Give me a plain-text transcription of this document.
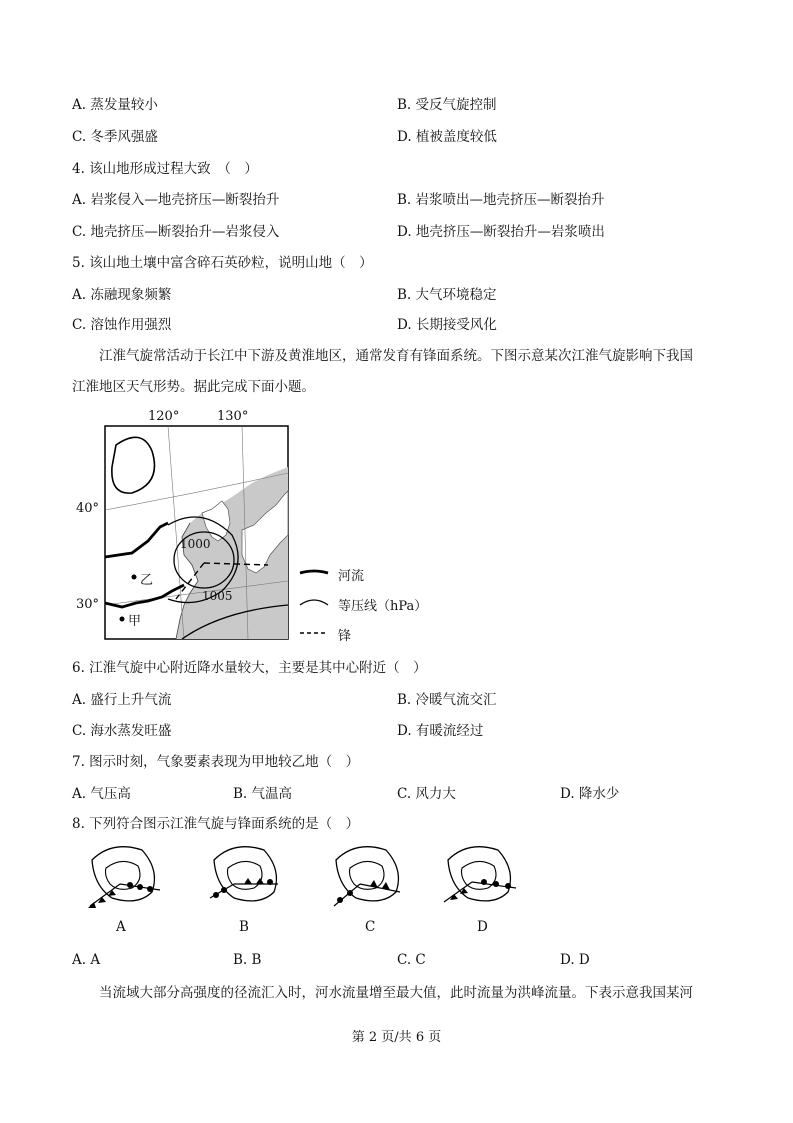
A. 蒸发量较小	B. 受反气旋控制
C. 冬季风强盛	D. 植被盖度较低
4. 该山地形成过程大致　（　）
A. 岩浆侵入—地壳挤压—断裂抬升	B. 岩浆喷出—地壳挤压—断裂抬升
C. 地壳挤压—断裂抬升—岩浆侵入	D. 地壳挤压—断裂抬升—岩浆喷出
5. 该山地土壤中富含碎石英砂粒，说明山地（　）
A. 冻融现象频繁	B. 大气环境稳定
C. 溶蚀作用强烈	D. 长期接受风化
江淮气旋常活动于长江中下游及黄淮地区，通常发育有锋面系统。下图示意某次江淮气旋影响下我国
江淮地区天气形势。据此完成下面小题。
120°	130°
40°
30°
1000
1005
乙
甲
河流
等压线（hPa）
锋
6. 江淮气旋中心附近降水量较大，主要是其中心附近（　）
A. 盛行上升气流	B. 冷暖气流交汇
C. 海水蒸发旺盛	D. 有暖流经过
7. 图示时刻，气象要素表现为甲地较乙地（　）
A. 气压高	B. 气温高	C. 风力大	D. 降水少
8. 下列符合图示江淮气旋与锋面系统的是（　）
A	B	C	D
A. A	B. B	C. C	D. D
当流域大部分高强度的径流汇入时，河水流量增至最大值，此时流量为洪峰流量。下表示意我国某河
第 2 页/共 6 页
